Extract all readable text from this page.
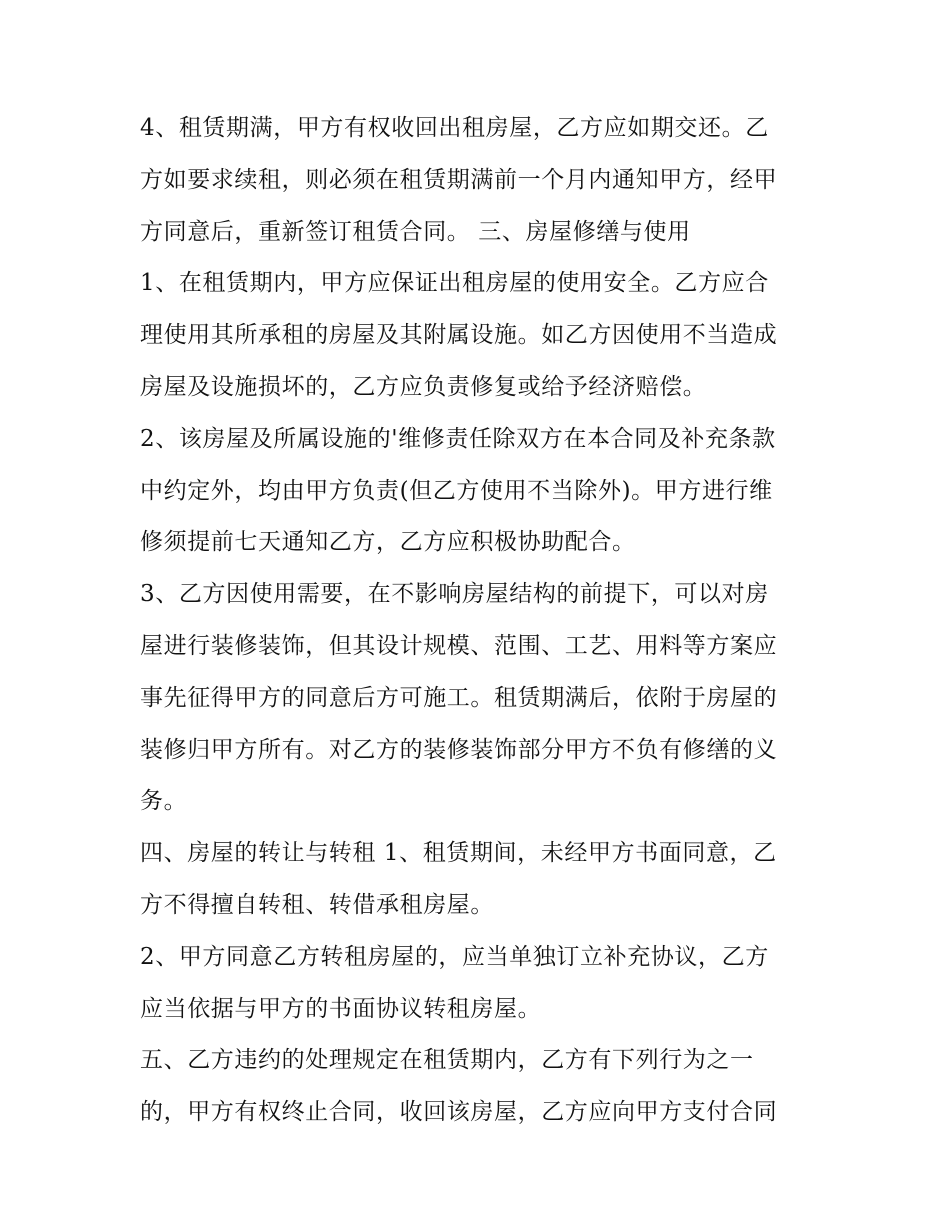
4、租赁期满，甲方有权收回出租房屋，乙方应如期交还。乙
方如要求续租，则必须在租赁期满前一个月内通知甲方，经甲
方同意后，重新签订租赁合同。 三、房屋修缮与使用
1、在租赁期内，甲方应保证出租房屋的使用安全。乙方应合
理使用其所承租的房屋及其附属设施。如乙方因使用不当造成
房屋及设施损坏的，乙方应负责修复或给予经济赔偿。
2、该房屋及所属设施的'维修责任除双方在本合同及补充条款
中约定外，均由甲方负责(但乙方使用不当除外)。甲方进行维
修须提前七天通知乙方，乙方应积极协助配合。
3、乙方因使用需要，在不影响房屋结构的前提下，可以对房
屋进行装修装饰，但其设计规模、范围、工艺、用料等方案应
事先征得甲方的同意后方可施工。租赁期满后，依附于房屋的
装修归甲方所有。对乙方的装修装饰部分甲方不负有修缮的义
务。
四、房屋的转让与转租 1、租赁期间，未经甲方书面同意，乙
方不得擅自转租、转借承租房屋。
2、甲方同意乙方转租房屋的，应当单独订立补充协议，乙方
应当依据与甲方的书面协议转租房屋。
五、乙方违约的处理规定在租赁期内，乙方有下列行为之一
的，甲方有权终止合同，收回该房屋，乙方应向甲方支付合同
